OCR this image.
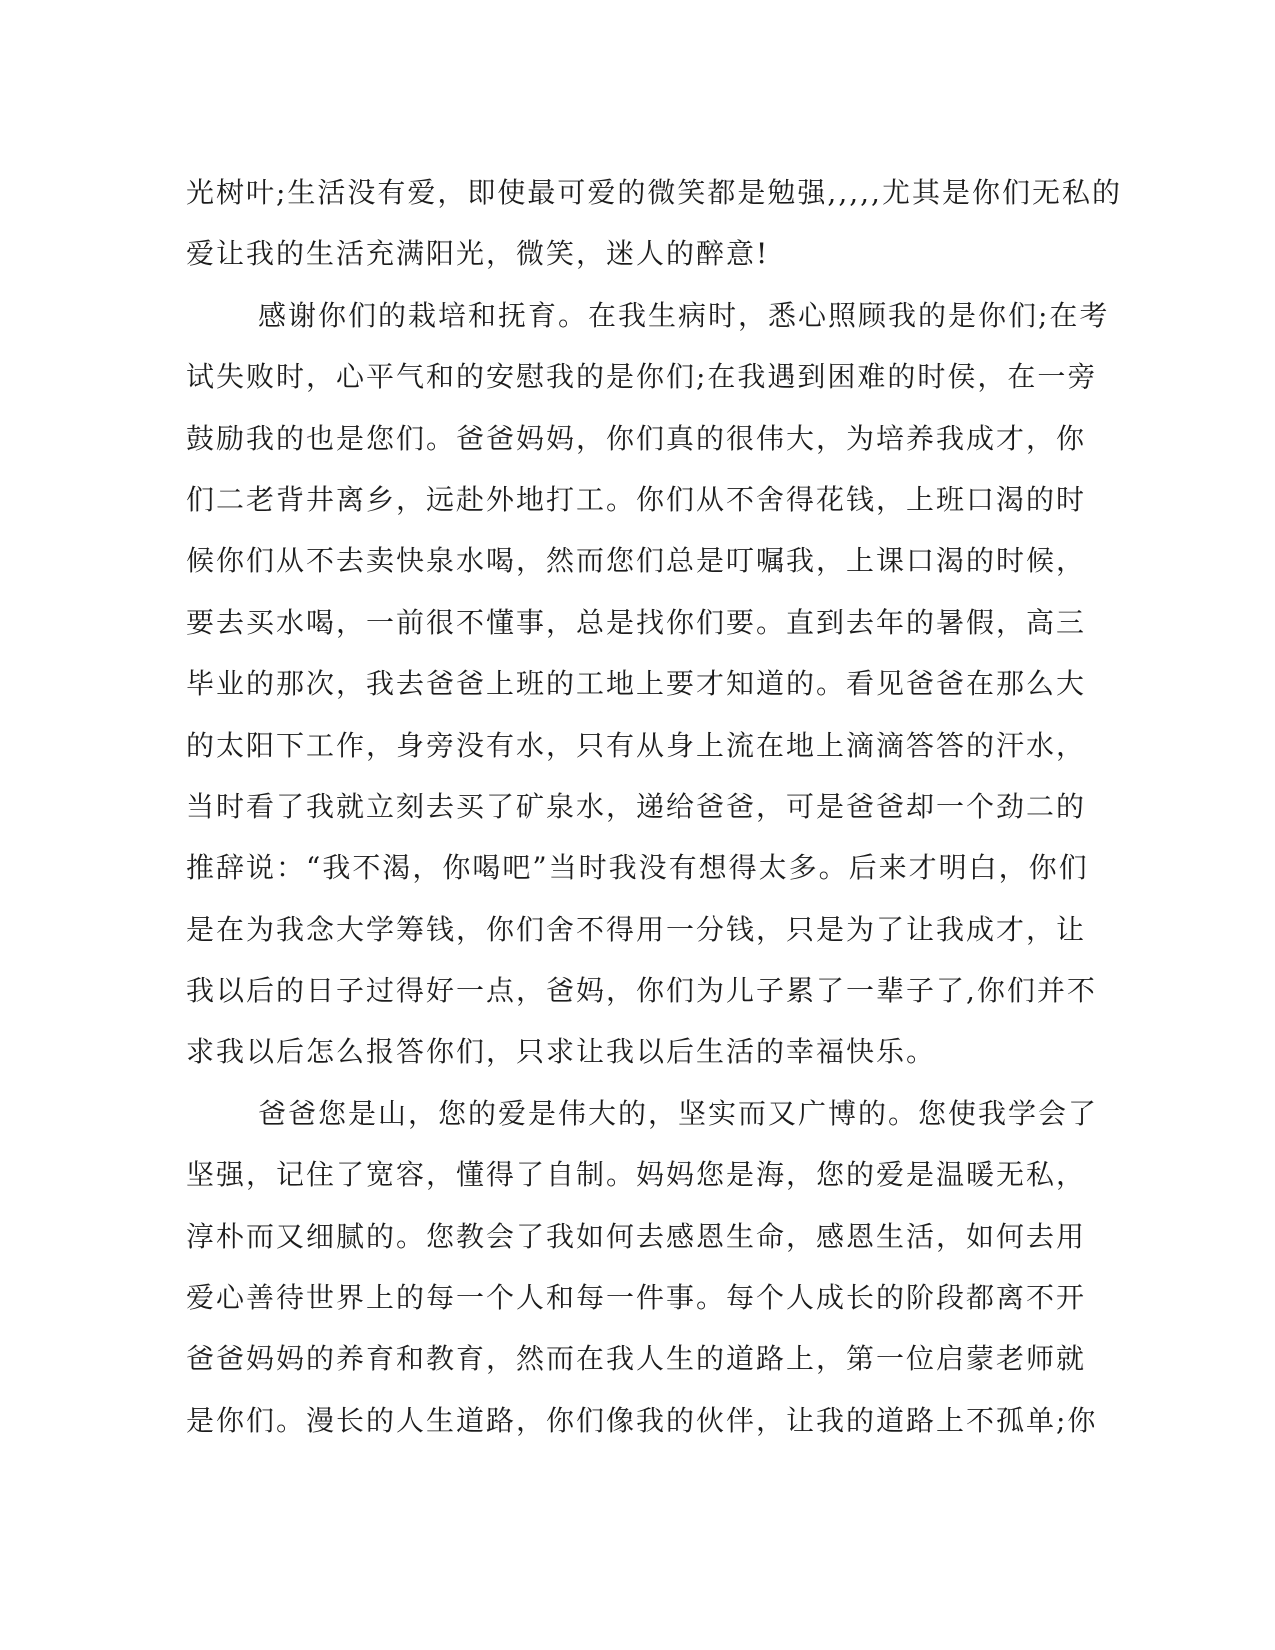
光树叶;生活没有爱，即使最可爱的微笑都是勉强,,,,,尤其是你们无私的
爱让我的生活充满阳光，微笑，迷人的醉意!
感谢你们的栽培和抚育。在我生病时，悉心照顾我的是你们;在考
试失败时，心平气和的安慰我的是你们;在我遇到困难的时侯，在一旁
鼓励我的也是您们。爸爸妈妈，你们真的很伟大，为培养我成才，你
们二老背井离乡，远赴外地打工。你们从不舍得花钱，上班口渴的时
候你们从不去卖快泉水喝，然而您们总是叮嘱我，上课口渴的时候，
要去买水喝，一前很不懂事，总是找你们要。直到去年的暑假，高三
毕业的那次，我去爸爸上班的工地上要才知道的。看见爸爸在那么大
的太阳下工作，身旁没有水，只有从身上流在地上滴滴答答的汗水，
当时看了我就立刻去买了矿泉水，递给爸爸，可是爸爸却一个劲二的
推辞说：“我不渴，你喝吧”当时我没有想得太多。后来才明白，你们
是在为我念大学筹钱，你们舍不得用一分钱，只是为了让我成才，让
我以后的日子过得好一点，爸妈，你们为儿子累了一辈子了,你们并不
求我以后怎么报答你们，只求让我以后生活的幸福快乐。
爸爸您是山，您的爱是伟大的，坚实而又广博的。您使我学会了
坚强，记住了宽容，懂得了自制。妈妈您是海，您的爱是温暖无私，
淳朴而又细腻的。您教会了我如何去感恩生命，感恩生活，如何去用
爱心善待世界上的每一个人和每一件事。每个人成长的阶段都离不开
爸爸妈妈的养育和教育，然而在我人生的道路上，第一位启蒙老师就
是你们。漫长的人生道路，你们像我的伙伴，让我的道路上不孤单;你
